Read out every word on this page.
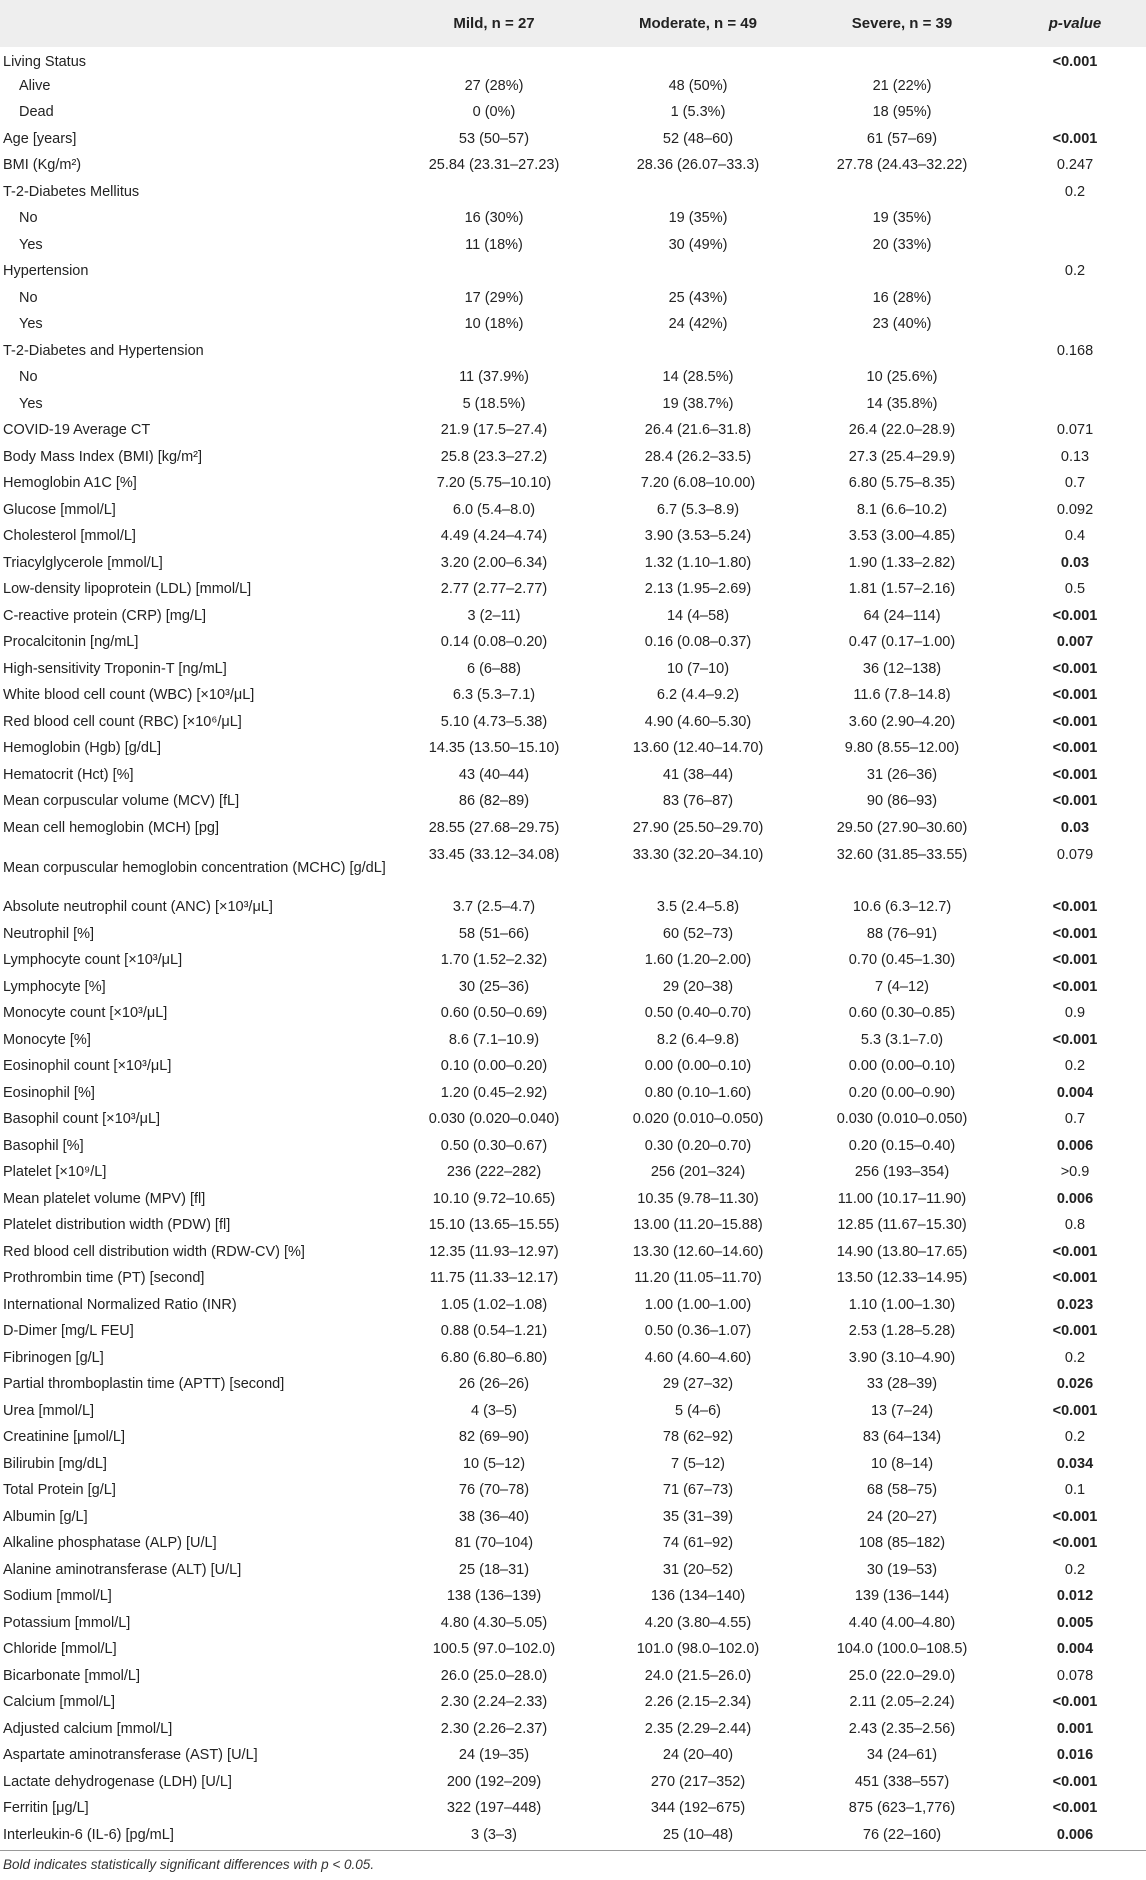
	Mild, n = 27	Moderate, n = 49	Severe, n = 39	p-value
Living Status				<0.001
Alive	27 (28%)	48 (50%)	21 (22%)	
Dead	0 (0%)	1 (5.3%)	18 (95%)	
Age [years]	53 (50–57)	52 (48–60)	61 (57–69)	<0.001
BMI (Kg/m²)	25.84 (23.31–27.23)	28.36 (26.07–33.3)	27.78 (24.43–32.22)	0.247
T-2-Diabetes Mellitus				0.2
No	16 (30%)	19 (35%)	19 (35%)	
Yes	11 (18%)	30 (49%)	20 (33%)	
Hypertension				0.2
No	17 (29%)	25 (43%)	16 (28%)	
Yes	10 (18%)	24 (42%)	23 (40%)	
T-2-Diabetes and Hypertension				0.168
No	11 (37.9%)	14 (28.5%)	10 (25.6%)	
Yes	5 (18.5%)	19 (38.7%)	14 (35.8%)	
COVID-19 Average CT	21.9 (17.5–27.4)	26.4 (21.6–31.8)	26.4 (22.0–28.9)	0.071
Body Mass Index (BMI) [kg/m²]	25.8 (23.3–27.2)	28.4 (26.2–33.5)	27.3 (25.4–29.9)	0.13
Hemoglobin A1C [%]	7.20 (5.75–10.10)	7.20 (6.08–10.00)	6.80 (5.75–8.35)	0.7
Glucose [mmol/L]	6.0 (5.4–8.0)	6.7 (5.3–8.9)	8.1 (6.6–10.2)	0.092
Cholesterol [mmol/L]	4.49 (4.24–4.74)	3.90 (3.53–5.24)	3.53 (3.00–4.85)	0.4
Triacylglycerole [mmol/L]	3.20 (2.00–6.34)	1.32 (1.10–1.80)	1.90 (1.33–2.82)	0.03
Low-density lipoprotein (LDL) [mmol/L]	2.77 (2.77–2.77)	2.13 (1.95–2.69)	1.81 (1.57–2.16)	0.5
C-reactive protein (CRP) [mg/L]	3 (2–11)	14 (4–58)	64 (24–114)	<0.001
Procalcitonin [ng/mL]	0.14 (0.08–0.20)	0.16 (0.08–0.37)	0.47 (0.17–1.00)	0.007
High-sensitivity Troponin-T [ng/mL]	6 (6–88)	10 (7–10)	36 (12–138)	<0.001
White blood cell count (WBC) [×10³/μL]	6.3 (5.3–7.1)	6.2 (4.4–9.2)	11.6 (7.8–14.8)	<0.001
Red blood cell count (RBC) [×10⁶/μL]	5.10 (4.73–5.38)	4.90 (4.60–5.30)	3.60 (2.90–4.20)	<0.001
Hemoglobin (Hgb) [g/dL]	14.35 (13.50–15.10)	13.60 (12.40–14.70)	9.80 (8.55–12.00)	<0.001
Hematocrit (Hct) [%]	43 (40–44)	41 (38–44)	31 (26–36)	<0.001
Mean corpuscular volume (MCV) [fL]	86 (82–89)	83 (76–87)	90 (86–93)	<0.001
Mean cell hemoglobin (MCH) [pg]	28.55 (27.68–29.75)	27.90 (25.50–29.70)	29.50 (27.90–30.60)	0.03
Mean corpuscular hemoglobin concentration (MCHC) [g/dL]	33.45 (33.12–34.08)	33.30 (32.20–34.10)	32.60 (31.85–33.55)	0.079
Absolute neutrophil count (ANC) [×10³/μL]	3.7 (2.5–4.7)	3.5 (2.4–5.8)	10.6 (6.3–12.7)	<0.001
Neutrophil [%]	58 (51–66)	60 (52–73)	88 (76–91)	<0.001
Lymphocyte count [×10³/μL]	1.70 (1.52–2.32)	1.60 (1.20–2.00)	0.70 (0.45–1.30)	<0.001
Lymphocyte [%]	30 (25–36)	29 (20–38)	7 (4–12)	<0.001
Monocyte count [×10³/μL]	0.60 (0.50–0.69)	0.50 (0.40–0.70)	0.60 (0.30–0.85)	0.9
Monocyte [%]	8.6 (7.1–10.9)	8.2 (6.4–9.8)	5.3 (3.1–7.0)	<0.001
Eosinophil count [×10³/μL]	0.10 (0.00–0.20)	0.00 (0.00–0.10)	0.00 (0.00–0.10)	0.2
Eosinophil [%]	1.20 (0.45–2.92)	0.80 (0.10–1.60)	0.20 (0.00–0.90)	0.004
Basophil count [×10³/μL]	0.030 (0.020–0.040)	0.020 (0.010–0.050)	0.030 (0.010–0.050)	0.7
Basophil [%]	0.50 (0.30–0.67)	0.30 (0.20–0.70)	0.20 (0.15–0.40)	0.006
Platelet [×10⁹/L]	236 (222–282)	256 (201–324)	256 (193–354)	>0.9
Mean platelet volume (MPV) [fl]	10.10 (9.72–10.65)	10.35 (9.78–11.30)	11.00 (10.17–11.90)	0.006
Platelet distribution width (PDW) [fl]	15.10 (13.65–15.55)	13.00 (11.20–15.88)	12.85 (11.67–15.30)	0.8
Red blood cell distribution width (RDW-CV) [%]	12.35 (11.93–12.97)	13.30 (12.60–14.60)	14.90 (13.80–17.65)	<0.001
Prothrombin time (PT) [second]	11.75 (11.33–12.17)	11.20 (11.05–11.70)	13.50 (12.33–14.95)	<0.001
International Normalized Ratio (INR)	1.05 (1.02–1.08)	1.00 (1.00–1.00)	1.10 (1.00–1.30)	0.023
D-Dimer [mg/L FEU]	0.88 (0.54–1.21)	0.50 (0.36–1.07)	2.53 (1.28–5.28)	<0.001
Fibrinogen [g/L]	6.80 (6.80–6.80)	4.60 (4.60–4.60)	3.90 (3.10–4.90)	0.2
Partial thromboplastin time (APTT) [second]	26 (26–26)	29 (27–32)	33 (28–39)	0.026
Urea [mmol/L]	4 (3–5)	5 (4–6)	13 (7–24)	<0.001
Creatinine [μmol/L]	82 (69–90)	78 (62–92)	83 (64–134)	0.2
Bilirubin [mg/dL]	10 (5–12)	7 (5–12)	10 (8–14)	0.034
Total Protein [g/L]	76 (70–78)	71 (67–73)	68 (58–75)	0.1
Albumin [g/L]	38 (36–40)	35 (31–39)	24 (20–27)	<0.001
Alkaline phosphatase (ALP) [U/L]	81 (70–104)	74 (61–92)	108 (85–182)	<0.001
Alanine aminotransferase (ALT) [U/L]	25 (18–31)	31 (20–52)	30 (19–53)	0.2
Sodium [mmol/L]	138 (136–139)	136 (134–140)	139 (136–144)	0.012
Potassium [mmol/L]	4.80 (4.30–5.05)	4.20 (3.80–4.55)	4.40 (4.00–4.80)	0.005
Chloride [mmol/L]	100.5 (97.0–102.0)	101.0 (98.0–102.0)	104.0 (100.0–108.5)	0.004
Bicarbonate [mmol/L]	26.0 (25.0–28.0)	24.0 (21.5–26.0)	25.0 (22.0–29.0)	0.078
Calcium [mmol/L]	2.30 (2.24–2.33)	2.26 (2.15–2.34)	2.11 (2.05–2.24)	<0.001
Adjusted calcium [mmol/L]	2.30 (2.26–2.37)	2.35 (2.29–2.44)	2.43 (2.35–2.56)	0.001
Aspartate aminotransferase (AST) [U/L]	24 (19–35)	24 (20–40)	34 (24–61)	0.016
Lactate dehydrogenase (LDH) [U/L]	200 (192–209)	270 (217–352)	451 (338–557)	<0.001
Ferritin [μg/L]	322 (197–448)	344 (192–675)	875 (623–1,776)	<0.001
Interleukin-6 (IL-6) [pg/mL]	3 (3–3)	25 (10–48)	76 (22–160)	0.006
Bold indicates statistically significant differences with p < 0.05.
